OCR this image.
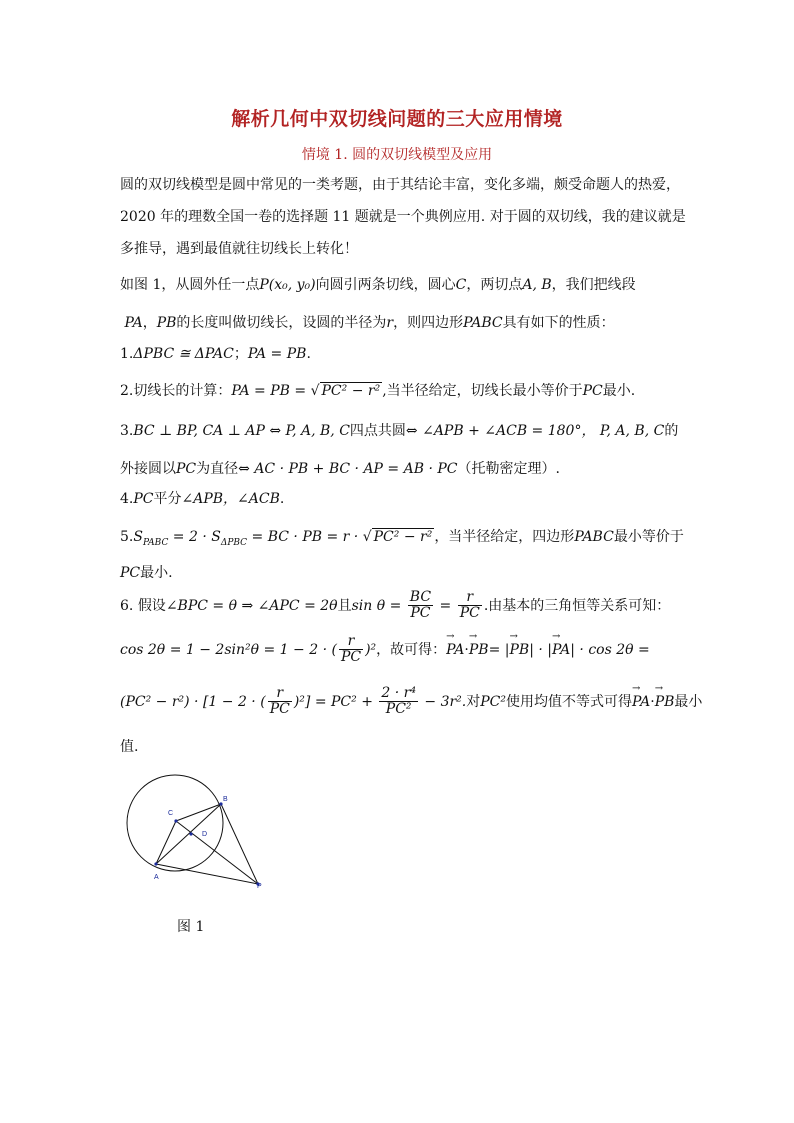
解析几何中双切线问题的三大应用情境
情境 1. 圆的双切线模型及应用
圆的双切线模型是圆中常见的一类考题，由于其结论丰富，变化多端，颇受命题人的热爱，
2020 年的理数全国一卷的选择题 11 题就是一个典例应用. 对于圆的双切线，我的建议就是
多推导，遇到最值就往切线长上转化！
如图 1，从圆外任一点P(x₀, y₀)向圆引两条切线，圆心C，两切点A, B，我们把线段
PA，PB的长度叫做切线长，设圆的半径为r，则四边形PABC具有如下的性质：
1.ΔPBC ≅ ΔPAC；PA = PB.
2.切线长的计算：PA = PB = √ PC² − r² ,当半径给定，切线长最小等价于PC最小.
3.BC ⊥ BP, CA ⊥ AP ⇔ P, A, B, C四点共圆⇔ ∠APB + ∠ACB = 180°， P, A, B, C的
外接圆以PC为直径⇔ AC · PB + BC · AP = AB · PC（托勒密定理）.
4.PC平分∠APB，∠ACB.
$5.S_{PABC} = 2 \cdot S_{\Delta PBC}$ = BC · PB = r · √ PC² − r² ，当半径给定，四边形PABC最小等价于
PC最小.
6. 假设∠BPC = θ ⇒ ∠APC = 2θ且$\sin \theta = \frac{BC}{PC} = \frac{r}{PC}$ .由基本的三角恒等关系可知：
cos 2θ = 1 − 2sin²θ = 1 − 2 · ( $\frac{r}{PC} )^2$，故可得：→ PA·→ PB= |→ PB| · |→ PA| · cos 2θ =
(PC² − r²) · [1 − 2 · ( $\frac{r}{PC} )^2] = PC^2 + \frac{\text{2 · r⁴}}{\text{PC²}} - 3r^2$.对PC²使用均值不等式可得→ PA·→ PB最小
值.
C
B
D
A
P
图 1
